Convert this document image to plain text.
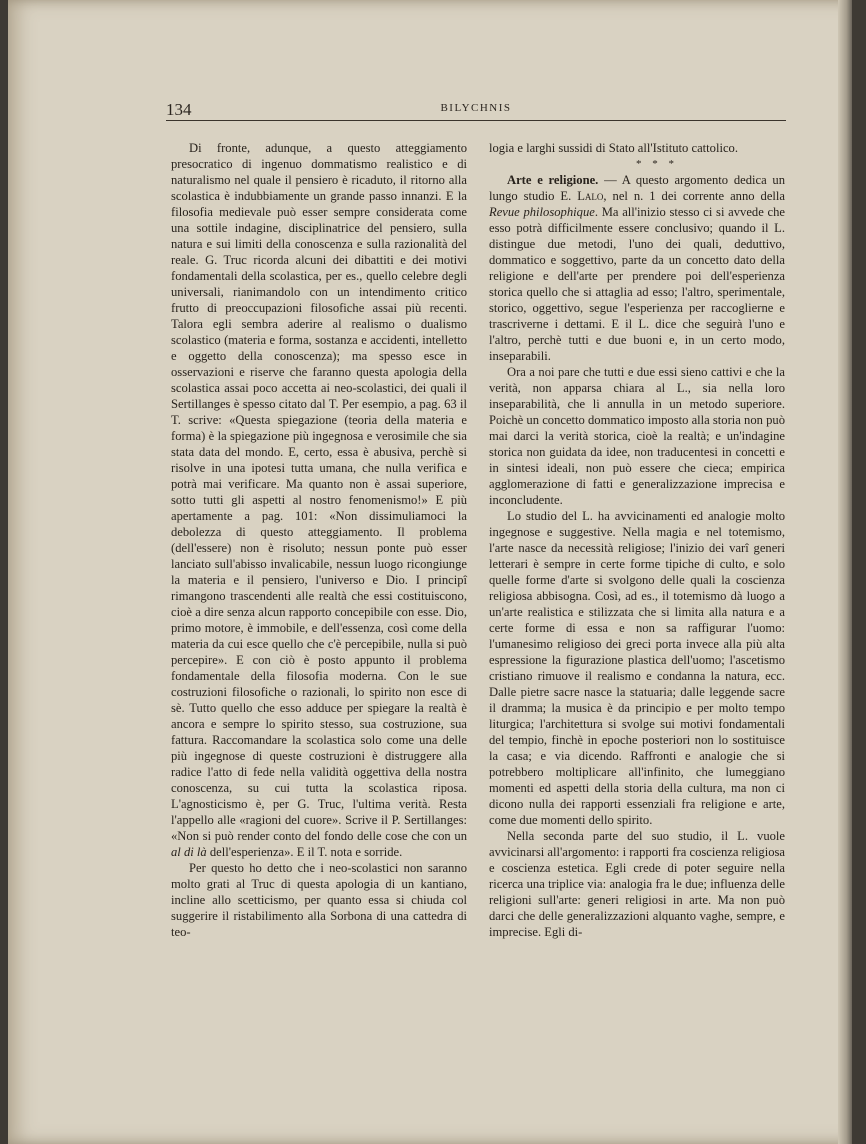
134	BILYCHNIS

Di fronte, adunque, a questo atteggiamento presocratico di ingenuo dommatismo realistico e di naturalismo nel quale il pensiero è ricaduto, il ritorno alla scolastica è indubbiamente un grande passo innanzi. E la filosofia medievale può esser sempre considerata come una sottile indagine, disciplinatrice del pensiero, sulla natura e sui limiti della conoscenza e sulla razionalità del reale. G. Truc ricorda alcuni dei dibattiti e dei motivi fondamentali della scolastica, per es., quello celebre degli universali, rianimandolo con un intendimento critico frutto di preoccupazioni filosofiche assai più recenti. Talora egli sembra aderire al realismo o dualismo scolastico (materia e forma, sostanza e accidenti, intelletto e oggetto della conoscenza); ma spesso esce in osservazioni e riserve che faranno questa apologia della scolastica assai poco accetta ai neo-scolastici, dei quali il Sertillanges è spesso citato dal T. Per esempio, a pag. 63 il T. scrive: «Questa spiegazione (teoria della materia e forma) è la spiegazione più ingegnosa e verosimile che sia stata data del mondo. E, certo, essa è abusiva, perchè si risolve in una ipotesi tutta umana, che nulla verifica e potrà mai verificare. Ma quanto non è assai superiore, sotto tutti gli aspetti al nostro fenomenismo!» E più apertamente a pag. 101: «Non dissimuliamoci la debolezza di questo atteggiamento. Il problema (dell'essere) non è risoluto; nessun ponte può esser lanciato sull'abisso invalicabile, nessun luogo ricongiunge la materia e il pensiero, l'universo e Dio. I principî rimangono trascendenti alle realtà che essi costituiscono, cioè a dire senza alcun rapporto concepibile con esse. Dio, primo motore, è immobile, e dell'essenza, così come della materia da cui esce quello che c'è percepibile, nulla si può percepire». E con ciò è posto appunto il problema fondamentale della filosofia moderna. Con le sue costruzioni filosofiche o razionali, lo spirito non esce di sè. Tutto quello che esso adduce per spiegare la realtà è ancora e sempre lo spirito stesso, sua costruzione, sua fattura. Raccomandare la scolastica solo come una delle più ingegnose di queste costruzioni è distruggere alla radice l'atto di fede nella validità oggettiva della nostra conoscenza, su cui tutta la scolastica riposa. L'agnosticismo è, per G. Truc, l'ultima verità. Resta l'appello alle «ragioni del cuore». Scrive il P. Sertillanges: «Non si può render conto del fondo delle cose che con un al di là dell'esperienza». E il T. nota e sorride.

Per questo ho detto che i neo-scolastici non saranno molto grati al Truc di questa apologia di un kantiano, incline allo scetticismo, per quanto essa si chiuda col suggerire il ristabilimento alla Sorbona di una cattedra di teo-

logia e larghi sussidi di Stato all'Istituto cattolico.

* * *

Arte e religione. — A questo argomento dedica un lungo studio E. Lalo, nel n. 1 dei corrente anno della Revue philosophique. Ma all'inizio stesso ci si avvede che esso potrà difficilmente essere conclusivo; quando il L. distingue due metodi, l'uno dei quali, deduttivo, dommatico e soggettivo, parte da un concetto dato della religione e dell'arte per prendere poi dell'esperienza storica quello che si attaglia ad esso; l'altro, sperimentale, storico, oggettivo, segue l'esperienza per raccoglierne e trascriverne i dettami. E il L. dice che seguirà l'uno e l'altro, perchè tutti e due buoni e, in un certo modo, inseparabili.

Ora a noi pare che tutti e due essi sieno cattivi e che la verità, non apparsa chiara al L., sia nella loro inseparabilità, che li annulla in un metodo superiore. Poichè un concetto dommatico imposto alla storia non può mai darci la verità storica, cioè la realtà; e un'indagine storica non guidata da idee, non traducentesi in concetti e in sintesi ideali, non può essere che cieca; empirica agglomerazione di fatti e generalizzazione imprecisa e inconcludente.

Lo studio del L. ha avvicinamenti ed analogie molto ingegnose e suggestive. Nella magia e nel totemismo, l'arte nasce da necessità religiose; l'inizio dei varî generi letterari è sempre in certe forme tipiche di culto, e solo quelle forme d'arte si svolgono delle quali la coscienza religiosa abbisogna. Così, ad es., il totemismo dà luogo a un'arte realistica e stilizzata che si limita alla natura e a certe forme di essa e non sa raffigurar l'uomo: l'umanesimo religioso dei greci porta invece alla più alta espressione la figurazione plastica dell'uomo; l'ascetismo cristiano rimuove il realismo e condanna la natura, ecc. Dalle pietre sacre nasce la statuaria; dalle leggende sacre il dramma; la musica è da principio e per molto tempo liturgica; l'architettura si svolge sui motivi fondamentali del tempio, finchè in epoche posteriori non lo sostituisce la casa; e via dicendo. Raffronti e analogie che si potrebbero moltiplicare all'infinito, che lumeggiano momenti ed aspetti della storia della cultura, ma non ci dicono nulla dei rapporti essenziali fra religione e arte, come due momenti dello spirito.

Nella seconda parte del suo studio, il L. vuole avvicinarsi all'argomento: i rapporti fra coscienza religiosa e coscienza estetica. Egli crede di poter seguire nella ricerca una triplice via: analogia fra le due; influenza delle religioni sull'arte: generi religiosi in arte. Ma non può darci che delle generalizzazioni alquanto vaghe, sempre, e imprecise. Egli di-
